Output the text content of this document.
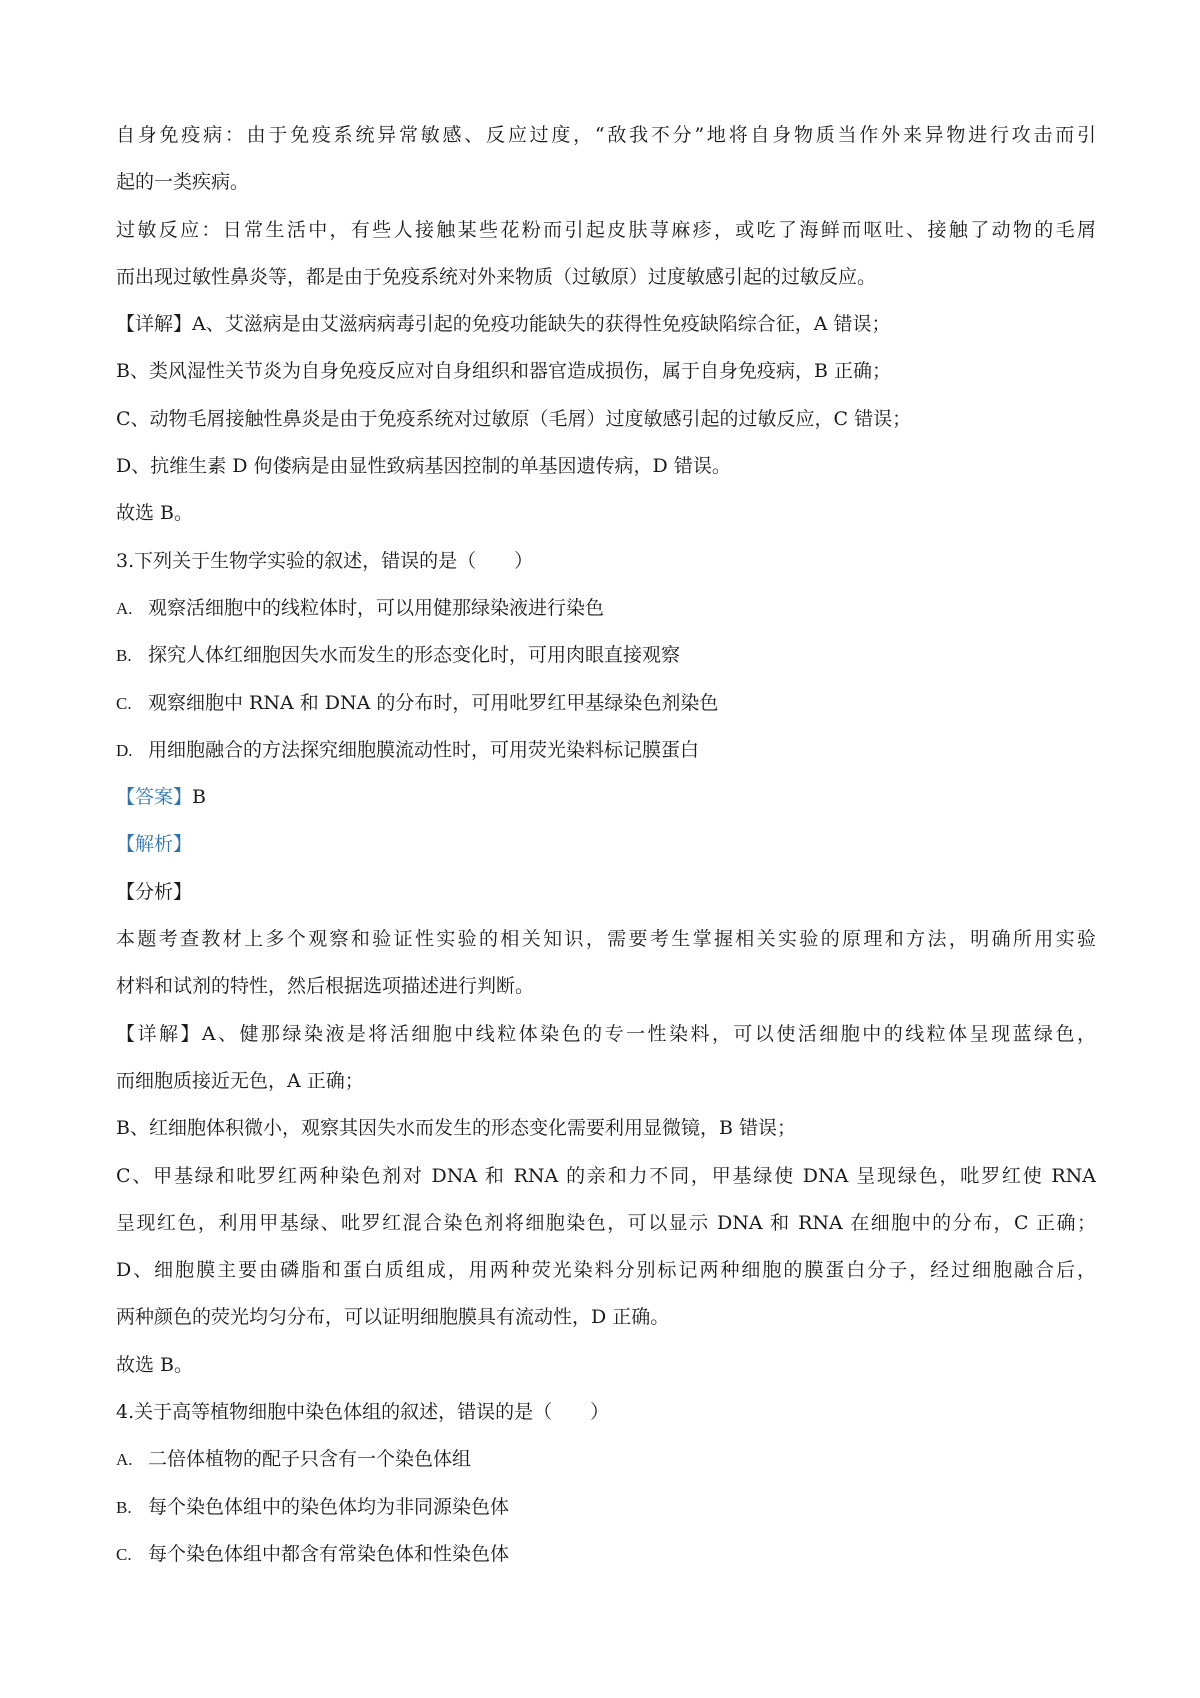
自身免疫病：由于免疫系统异常敏感、反应过度，“敌我不分”地将自身物质当作外来异物进行攻击而引
起的一类疾病。
过敏反应：日常生活中，有些人接触某些花粉而引起皮肤荨麻疹，或吃了海鲜而呕吐、接触了动物的毛屑
而出现过敏性鼻炎等，都是由于免疫系统对外来物质（过敏原）过度敏感引起的过敏反应。
【详解】A、艾滋病是由艾滋病病毒引起的免疫功能缺失的获得性免疫缺陷综合征，A 错误；
B、类风湿性关节炎为自身免疫反应对自身组织和器官造成损伤，属于自身免疫病，B 正确；
C、动物毛屑接触性鼻炎是由于免疫系统对过敏原（毛屑）过度敏感引起的过敏反应，C 错误；
D、抗维生素 D 佝偻病是由显性致病基因控制的单基因遗传病，D 错误。
故选 B。
3.下列关于生物学实验的叙述，错误的是（　　）
A. 观察活细胞中的线粒体时，可以用健那绿染液进行染色
B. 探究人体红细胞因失水而发生的形态变化时，可用肉眼直接观察
C. 观察细胞中 RNA 和 DNA 的分布时，可用吡罗红甲基绿染色剂染色
D. 用细胞融合的方法探究细胞膜流动性时，可用荧光染料标记膜蛋白
【答案】B
【解析】
【分析】
本题考查教材上多个观察和验证性实验的相关知识，需要考生掌握相关实验的原理和方法，明确所用实验
材料和试剂的特性，然后根据选项描述进行判断。
【详解】A、健那绿染液是将活细胞中线粒体染色的专一性染料，可以使活细胞中的线粒体呈现蓝绿色，
而细胞质接近无色，A 正确；
B、红细胞体积微小，观察其因失水而发生的形态变化需要利用显微镜，B 错误；
C、甲基绿和吡罗红两种染色剂对 DNA 和 RNA 的亲和力不同，甲基绿使 DNA 呈现绿色，吡罗红使 RNA
呈现红色，利用甲基绿、吡罗红混合染色剂将细胞染色，可以显示 DNA 和 RNA 在细胞中的分布，C 正确；
D、细胞膜主要由磷脂和蛋白质组成，用两种荧光染料分别标记两种细胞的膜蛋白分子，经过细胞融合后，
两种颜色的荧光均匀分布，可以证明细胞膜具有流动性，D 正确。
故选 B。
4.关于高等植物细胞中染色体组的叙述，错误的是（　　）
A. 二倍体植物的配子只含有一个染色体组
B. 每个染色体组中的染色体均为非同源染色体
C. 每个染色体组中都含有常染色体和性染色体
